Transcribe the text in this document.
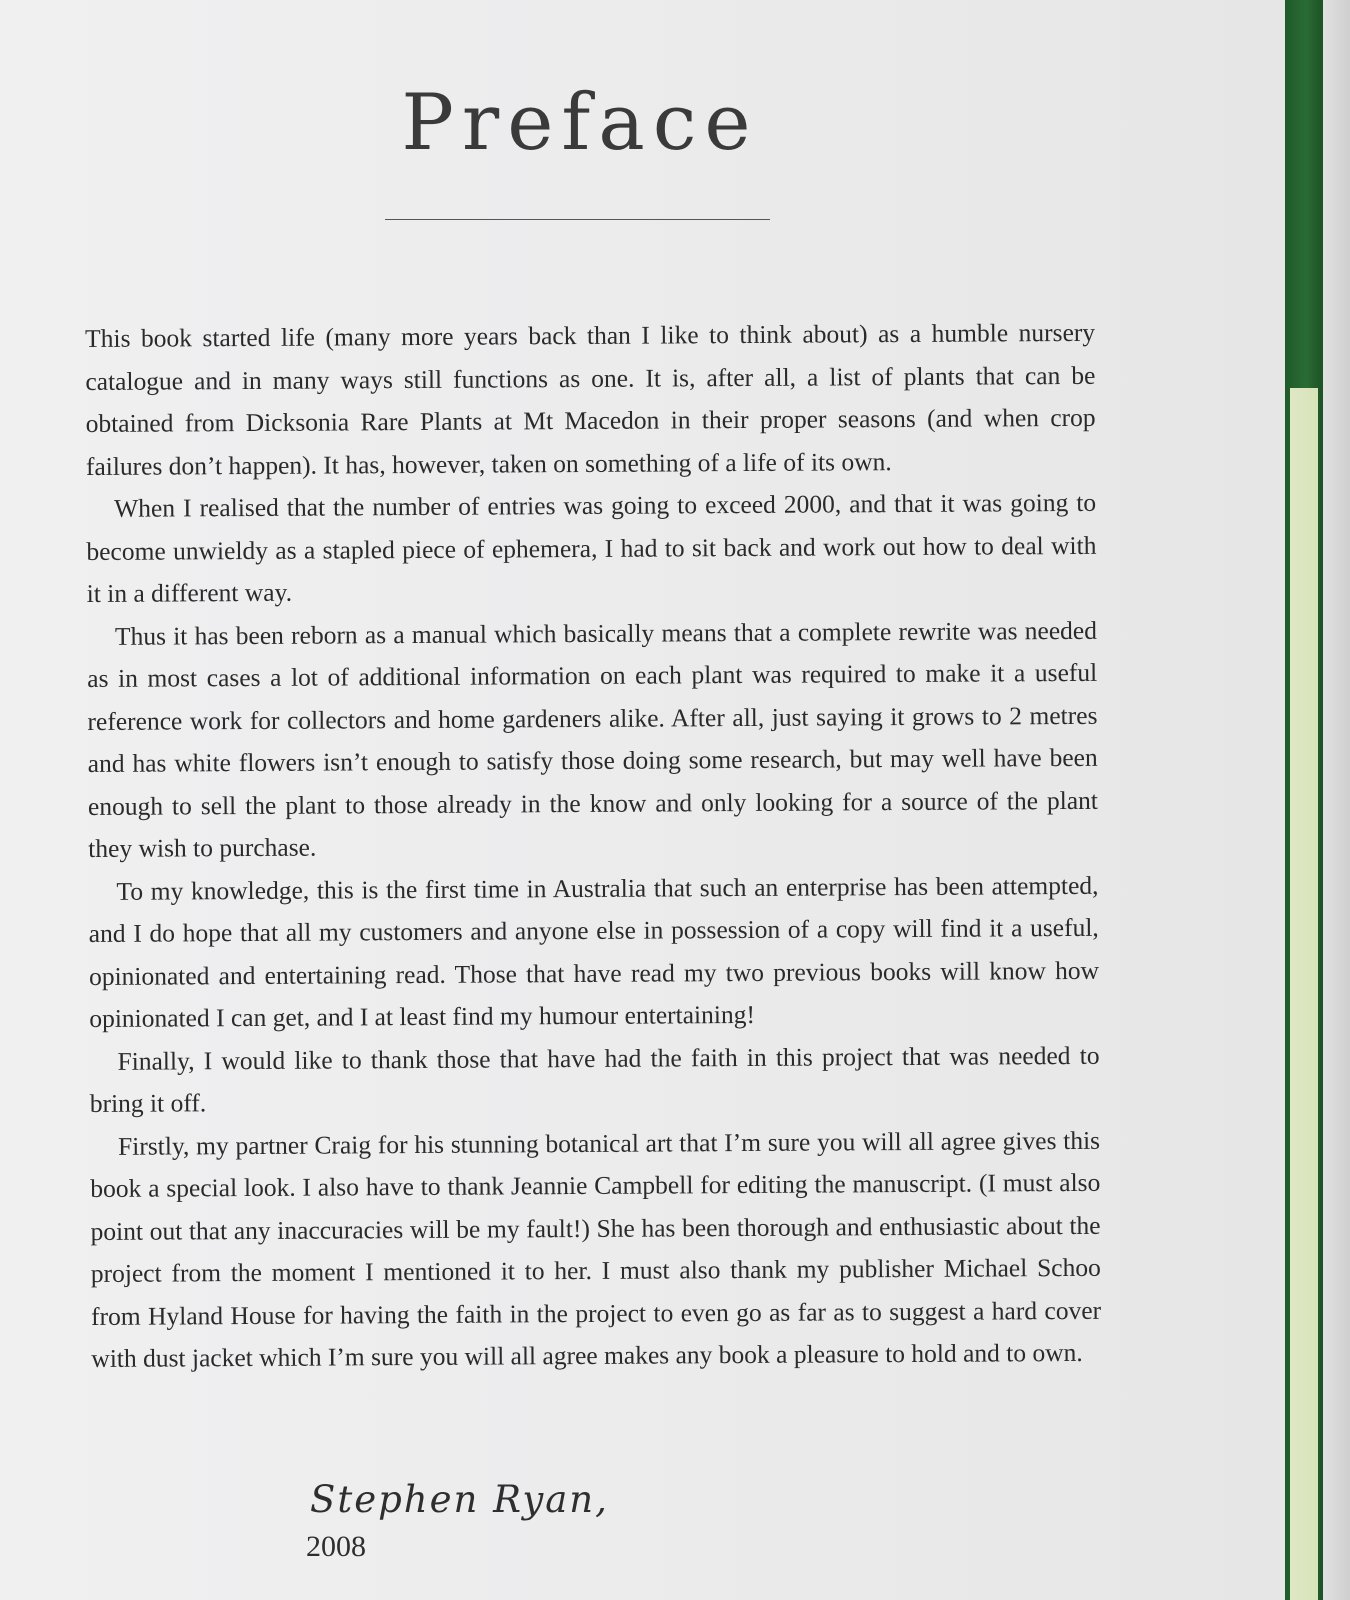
Preface

This book started life (many more years back than I like to think about) as a humble nursery catalogue and in many ways still functions as one. It is, after all, a list of plants that can be obtained from Dicksonia Rare Plants at Mt Macedon in their proper seasons (and when crop failures don’t happen). It has, however, taken on something of a life of its own.

When I realised that the number of entries was going to exceed 2000, and that it was going to become unwieldy as a stapled piece of ephemera, I had to sit back and work out how to deal with it in a different way.

Thus it has been reborn as a manual which basically means that a complete rewrite was needed as in most cases a lot of additional information on each plant was required to make it a useful reference work for collectors and home gardeners alike. After all, just saying it grows to 2 metres and has white flowers isn’t enough to satisfy those doing some research, but may well have been enough to sell the plant to those already in the know and only looking for a source of the plant they wish to purchase.

To my knowledge, this is the first time in Australia that such an enterprise has been attempted, and I do hope that all my customers and anyone else in possession of a copy will find it a useful, opinionated and entertaining read. Those that have read my two previous books will know how opinionated I can get, and I at least find my humour entertaining!

Finally, I would like to thank those that have had the faith in this project that was needed to bring it off.

Firstly, my partner Craig for his stunning botanical art that I’m sure you will all agree gives this book a special look. I also have to thank Jeannie Campbell for editing the manuscript. (I must also point out that any inaccuracies will be my fault!) She has been thorough and enthusiastic about the project from the moment I mentioned it to her. I must also thank my publisher Michael Schoo from Hyland House for having the faith in the project to even go as far as to suggest a hard cover with dust jacket which I’m sure you will all agree makes any book a pleasure to hold and to own.

Stephen Ryan,
2008
